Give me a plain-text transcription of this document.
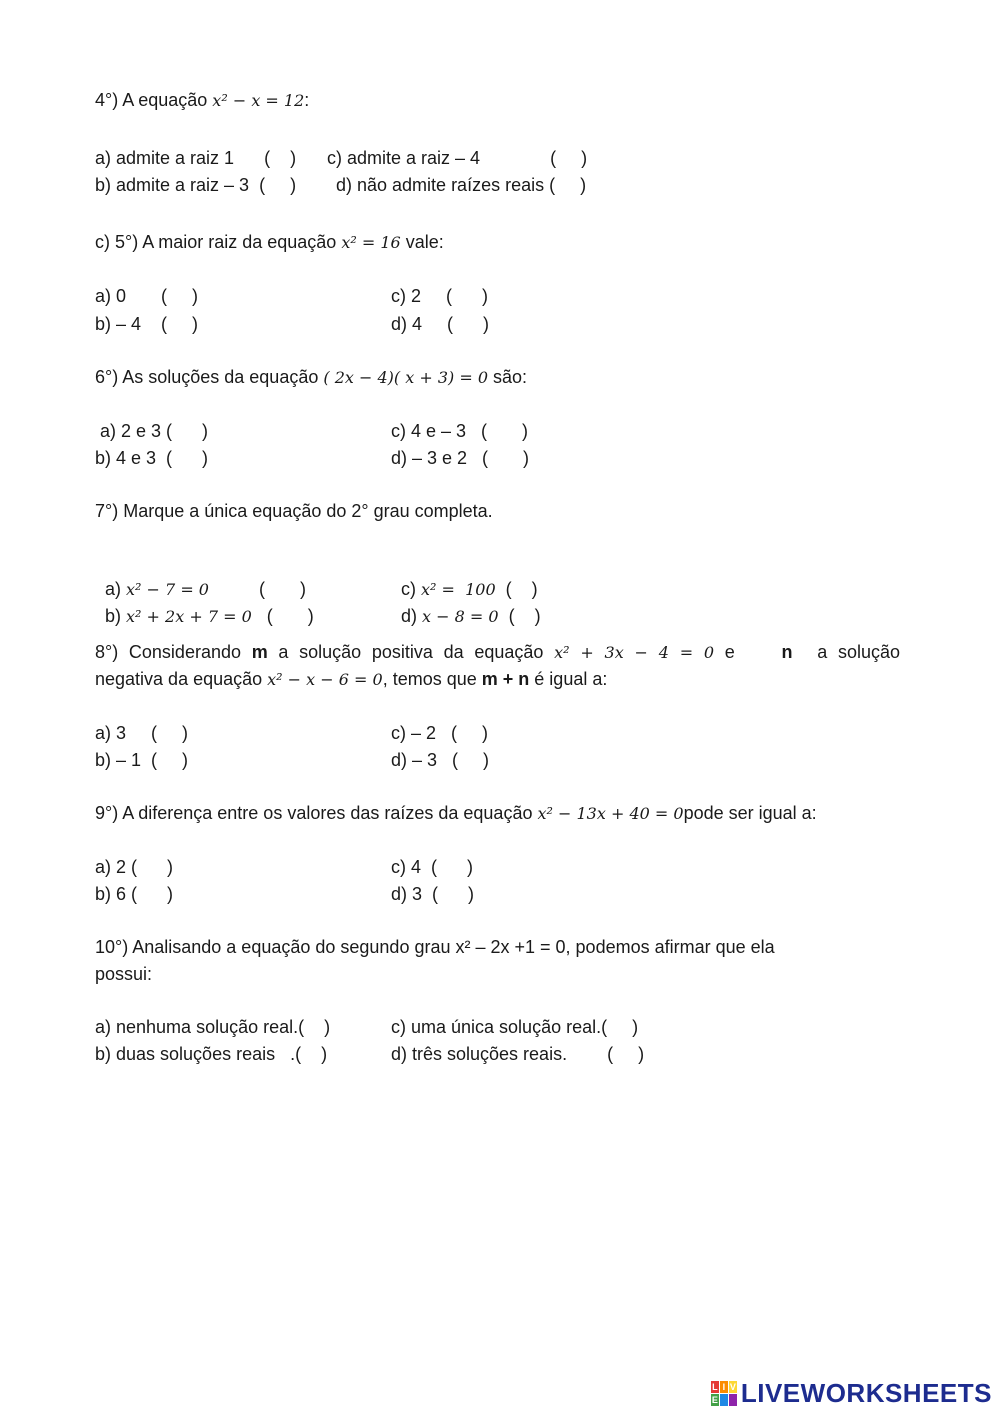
4°) A equação x² − x = 12:
a) admite a raiz 1      (    ) c) admite a raiz – 4              (     )
b) admite a raiz – 3  (     ) d) não admite raízes reais (     )
c) 5°) A maior raiz da equação x² = 16 vale:
a) 0       (     )	c) 2     (      )
b) – 4    (     )	d) 4     (      )
6°) As soluções da equação ( 2x − 4)( x + 3) = 0 são:
a) 2 e 3 (      )	c) 4 e – 3   (       )
b) 4 e 3  (      )	d) – 3 e 2   (       )
7°) Marque a única equação do 2° grau completa.

a) x² − 7 = 0          (       )	c) x² =  100  (    )

b) x² + 2x + 7 = 0   (       )	d) x − 8 = 0  (    )

8°) Considerando m a solução positiva da equação x² + 3x − 4 = 0 e	n a solução
negativa da equação x² − x − 6 = 0, temos que m + n é igual a:
a) 3     (     )	c) – 2   (     )
b) – 1  (     )	d) – 3   (     )
9°) A diferença entre os valores das raízes da equação x² − 13x + 40 = 0pode ser igual a:
a) 2 (      )	c) 4  (      )
b) 6 (      )	d) 3  (      )
10°) Analisando a equação do segundo grau x² – 2x +1 = 0, podemos afirmar que ela
possui:
a) nenhuma solução real.(    )	c) uma única solução real.(     )
b) duas soluções reais   .(    )	d) três soluções reais.        (     )
L I V
E LIVEWORKSHEETS
